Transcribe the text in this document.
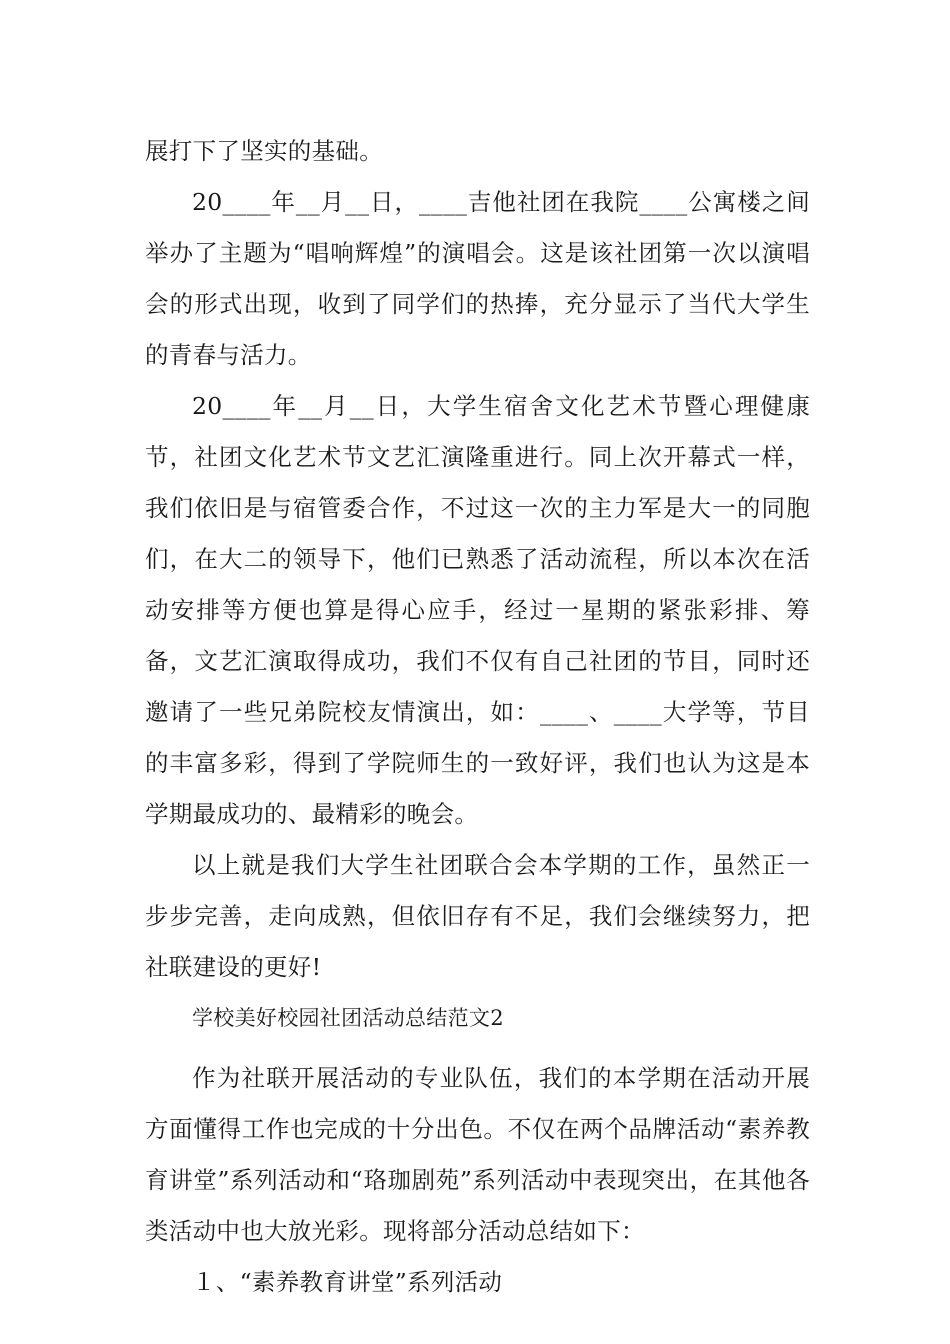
展打下了坚实的基础。

20____年__月__日，____吉他社团在我院____公寓楼之间举办了主题为“唱响辉煌”的演唱会。这是该社团第一次以演唱会的形式出现，收到了同学们的热捧，充分显示了当代大学生的青春与活力。

20____年__月__日，大学生宿舍文化艺术节暨心理健康节，社团文化艺术节文艺汇演隆重进行。同上次开幕式一样，我们依旧是与宿管委合作，不过这一次的主力军是大一的同胞们，在大二的领导下，他们已熟悉了活动流程，所以本次在活动安排等方便也算是得心应手，经过一星期的紧张彩排、筹备，文艺汇演取得成功，我们不仅有自己社团的节目，同时还邀请了一些兄弟院校友情演出，如：____、____大学等，节目的丰富多彩，得到了学院师生的一致好评，我们也认为这是本学期最成功的、最精彩的晚会。

以上就是我们大学生社团联合会本学期的工作，虽然正一步步完善，走向成熟，但依旧存有不足，我们会继续努力，把社联建设的更好!

学校美好校园社团活动总结范文2

作为社联开展活动的专业队伍，我们的本学期在活动开展方面懂得工作也完成的十分出色。不仅在两个品牌活动“素养教育讲堂”系列活动和“珞珈剧苑”系列活动中表现突出，在其他各类活动中也大放光彩。现将部分活动总结如下：

１、“素养教育讲堂”系列活动
